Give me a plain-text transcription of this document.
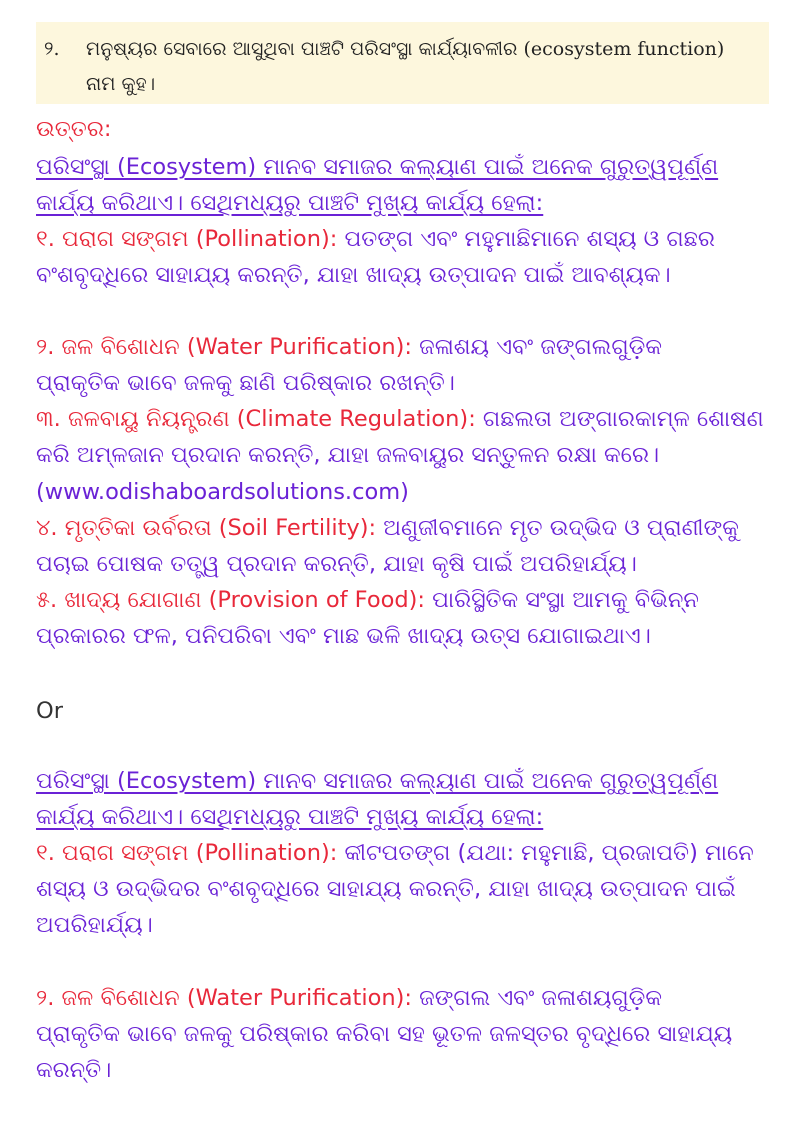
୨. ମନୁଷ୍ୟର ସେବାରେ ଆସୁଥିବା ପାଞ୍ଚଟି ପରିସଂସ୍ଥା କାର୍ଯ୍ୟାବଳୀର (ecosystem function)
ନାମ କୁହ।
ଉତ୍ତର:
ପରିସଂସ୍ଥା (Ecosystem) ମାନବ ସମାଜର କଲ୍ୟାଣ ପାଇଁ ଅନେକ ଗୁରୁତ୍ୱପୂର୍ଣ୍ଣ
କାର୍ଯ୍ୟ କରିଥାଏ। ସେଥିମଧ୍ୟରୁ ପାଞ୍ଚଟି ମୁଖ୍ୟ କାର୍ଯ୍ୟ ହେଲା:
୧. ପରାଗ ସଙ୍ଗମ (Pollination): ପତଙ୍ଗ ଏବଂ ମହୁମାଛିମାନେ ଶସ୍ୟ ଓ ଗଛର
ବଂଶବୃଦ୍ଧିରେ ସାହାଯ୍ୟ କରନ୍ତି, ଯାହା ଖାଦ୍ୟ ଉତ୍ପାଦନ ପାଇଁ ଆବଶ୍ୟକ।
୨. ଜଳ ବିଶୋଧନ (Water Purification): ଜଳାଶୟ ଏବଂ ଜଙ୍ଗଲଗୁଡ଼ିକ
ପ୍ରାକୃତିକ ଭାବେ ଜଳକୁ ଛାଣି ପରିଷ୍କାର ରଖନ୍ତି।
୩. ଜଳବାୟୁ ନିୟନ୍ତ୍ରଣ (Climate Regulation): ଗଛଲତା ଅଙ୍ଗାରକାମ୍ଳ ଶୋଷଣ
କରି ଅମ୍ଳଜାନ ପ୍ରଦାନ କରନ୍ତି, ଯାହା ଜଳବାୟୁର ସନ୍ତୁଳନ ରକ୍ଷା କରେ।
(www.odishaboardsolutions.com)
୪. ମୃତ୍ତିକା ଉର୍ବରତା (Soil Fertility): ଅଣୁଜୀବମାନେ ମୃତ ଉଦ୍ଭିଦ ଓ ପ୍ରାଣୀଙ୍କୁ
ପଚାଇ ପୋଷକ ତତ୍ତ୍ୱ ପ୍ରଦାନ କରନ୍ତି, ଯାହା କୃଷି ପାଇଁ ଅପରିହାର୍ଯ୍ୟ।
୫. ଖାଦ୍ୟ ଯୋଗାଣ (Provision of Food): ପାରିସ୍ଥିତିକ ସଂସ୍ଥା ଆମକୁ ବିଭିନ୍ନ
ପ୍ରକାରର ଫଳ, ପନିପରିବା ଏବଂ ମାଛ ଭଳି ଖାଦ୍ୟ ଉତ୍ସ ଯୋଗାଇଥାଏ।
Or
ପରିସଂସ୍ଥା (Ecosystem) ମାନବ ସମାଜର କଲ୍ୟାଣ ପାଇଁ ଅନେକ ଗୁରୁତ୍ୱପୂର୍ଣ୍ଣ
କାର୍ଯ୍ୟ କରିଥାଏ। ସେଥିମଧ୍ୟରୁ ପାଞ୍ଚଟି ମୁଖ୍ୟ କାର୍ଯ୍ୟ ହେଲା:
୧. ପରାଗ ସଙ୍ଗମ (Pollination): କୀଟପତଙ୍ଗ (ଯଥା: ମହୁମାଛି, ପ୍ରଜାପତି) ମାନେ
ଶସ୍ୟ ଓ ଉଦ୍ଭିଦର ବଂଶବୃଦ୍ଧିରେ ସାହାଯ୍ୟ କରନ୍ତି, ଯାହା ଖାଦ୍ୟ ଉତ୍ପାଦନ ପାଇଁ
ଅପରିହାର୍ଯ୍ୟ।
୨. ଜଳ ବିଶୋଧନ (Water Purification): ଜଙ୍ଗଲ ଏବଂ ଜଳାଶୟଗୁଡ଼ିକ
ପ୍ରାକୃତିକ ଭାବେ ଜଳକୁ ପରିଷ୍କାର କରିବା ସହ ଭୂତଳ ଜଳସ୍ତର ବୃଦ୍ଧିରେ ସାହାଯ୍ୟ
କରନ୍ତି।
